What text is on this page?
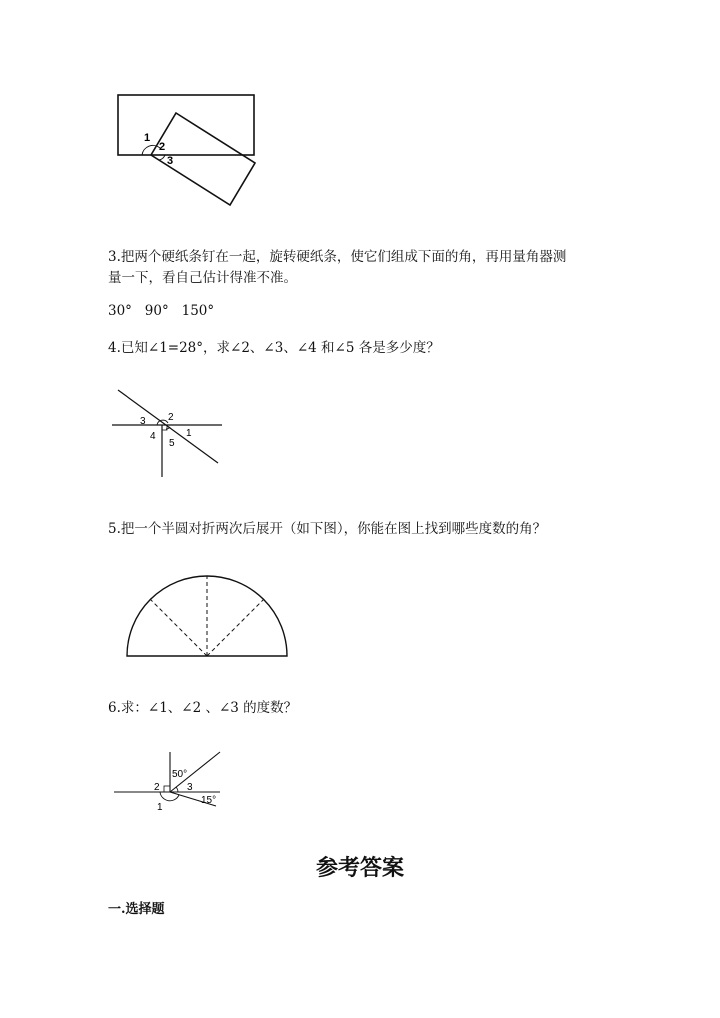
1
2
3
3.把两个硬纸条钉在一起，旋转硬纸条，使它们组成下面的角，再用量角器测
量一下，看自己估计得准不准。
30°   90°   150°
4.已知∠1=28°，求∠2、∠3、∠4 和∠5 各是多少度？
1
2
3
4
5
5.把一个半圆对折两次后展开（如下图），你能在图上找到哪些度数的角？
6.求：∠1、∠2 、∠3 的度数？
2
1
3
50°
15°
参考答案
一.选择题
